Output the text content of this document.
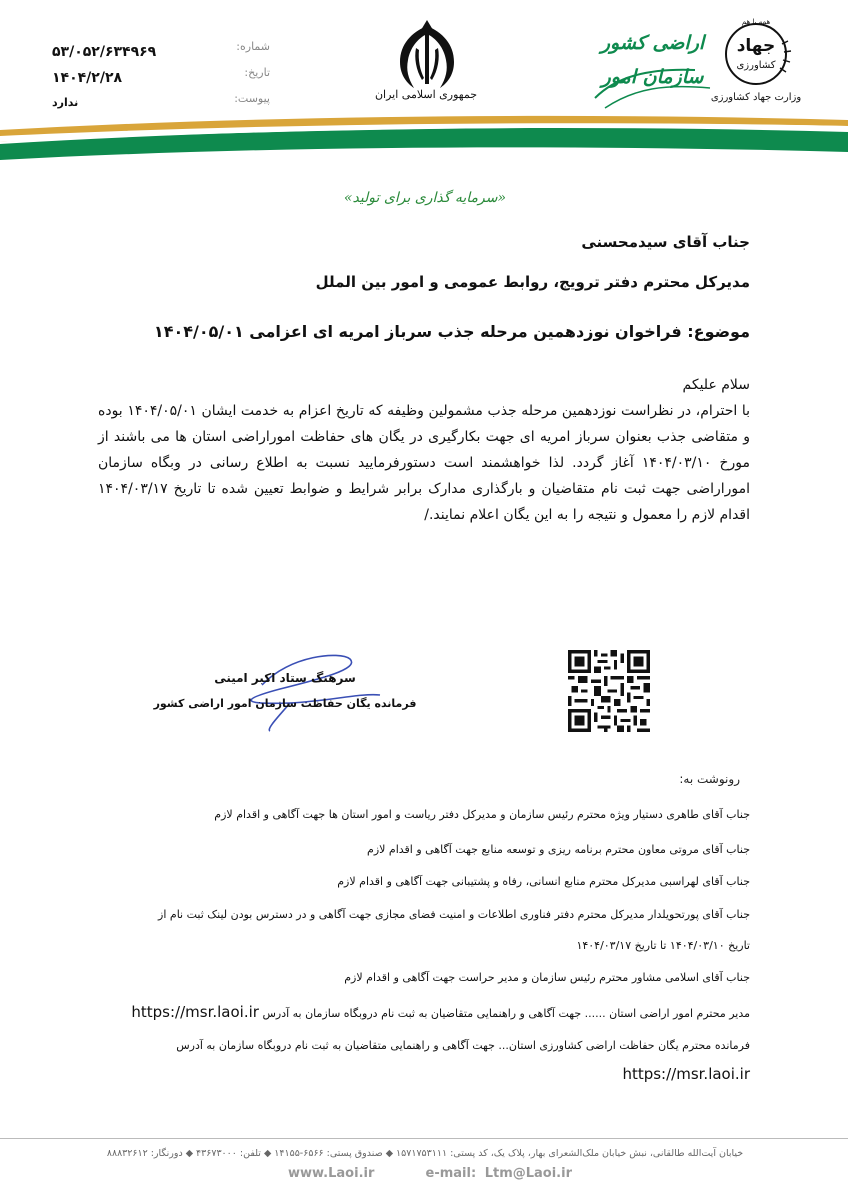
۵۳/۰۵۲/۶۳۴۹۶۹
۱۴۰۴/۲/۲۸
ندارد
شماره:
تاریخ:
پیوست:	جمهوری اسلامی ایران
اراضی کشور
سازمان امور
همه با هم
جهاد
کشاورزی
وزارت جهاد کشاورزی
«سرمایه گذاری برای تولید»
جناب آقای سیدمحسنی
مدیرکل محترم دفتر ترویج، روابط عمومی و امور بین الملل
موضوع: فراخوان نوزدهمین مرحله جذب سرباز امریه ای اعزامی ۱۴۰۴/۰۵/۰۱

سلام علیکم

با احترام، در نظراست نوزدهمین مرحله جذب مشمولین وظیفه که تاریخ اعزام به خدمت ایشان ۱۴۰۴/۰۵/۰۱ بوده و متقاضی جذب بعنوان سرباز امریه ای جهت بکارگیری در یگان های حفاظت اموراراضی استان ها می باشند از مورخ ۱۴۰۴/۰۳/۱۰ آغاز گردد. لذا خواهشمند است دستورفرمایید نسبت به اطلاع رسانی در وبگاه سازمان اموراراضی جهت ثبت نام متقاضیان و بارگذاری مدارک برابر شرایط و ضوابط تعیین شده تا تاریخ ۱۴۰۴/۰۳/۱۷ اقدام لازم را معمول و نتیجه را به این یگان اعلام نمایند./

سرهنگ ستاد اکبر امینی
فرمانده یگان حفاظت سازمان امور اراضی کشور
رونوشت به:
جناب آقای طاهری دستیار ویژه محترم رئیس سازمان و مدیرکل دفتر ریاست و امور استان ها جهت آگاهی و اقدام لازم
جناب آقای مروتی معاون محترم برنامه ریزی و توسعه منابع جهت آگاهی و اقدام لازم
جناب آقای لهراسبی مدیرکل محترم منابع انسانی، رفاه و پشتیبانی جهت آگاهی و اقدام لازم
جناب آقای پورتحویلدار مدیرکل محترم دفتر فناوری اطلاعات و امنیت فضای مجازی جهت آگاهی و در دسترس بودن لینک ثبت نام از
تاریخ ۱۴۰۴/۰۳/۱۰ تا تاریخ ۱۴۰۴/۰۳/۱۷
جناب آقای اسلامی مشاور محترم رئیس سازمان و مدیر حراست جهت آگاهی و اقدام لازم
مدیر محترم امور اراضی استان ...... جهت آگاهی و راهنمایی متقاضیان به ثبت نام دروبگاه سازمان به آدرس https://msr.laoi.ir
فرمانده محترم یگان حفاظت اراضی کشاورزی استان... جهت آگاهی و راهنمایی متقاضیان به ثبت نام دروبگاه سازمان به آدرس
https://msr.laoi.ir
خیابان آیت‌الله طالقانی، نبش خیابان ملک‌الشعرای بهار، پلاک یک، کد پستی: ۱۵۷۱۷۵۳۱۱۱ ◆ صندوق پستی: ۶۵۶۶-۱۴۱۵۵ ◆ تلفن: ۴۳۶۷۳۰۰۰ ◆ دورنگار: ۸۸۸۳۲۶۱۲
www.Laoi.ir	e-mail: Ltm@Laoi.ir
